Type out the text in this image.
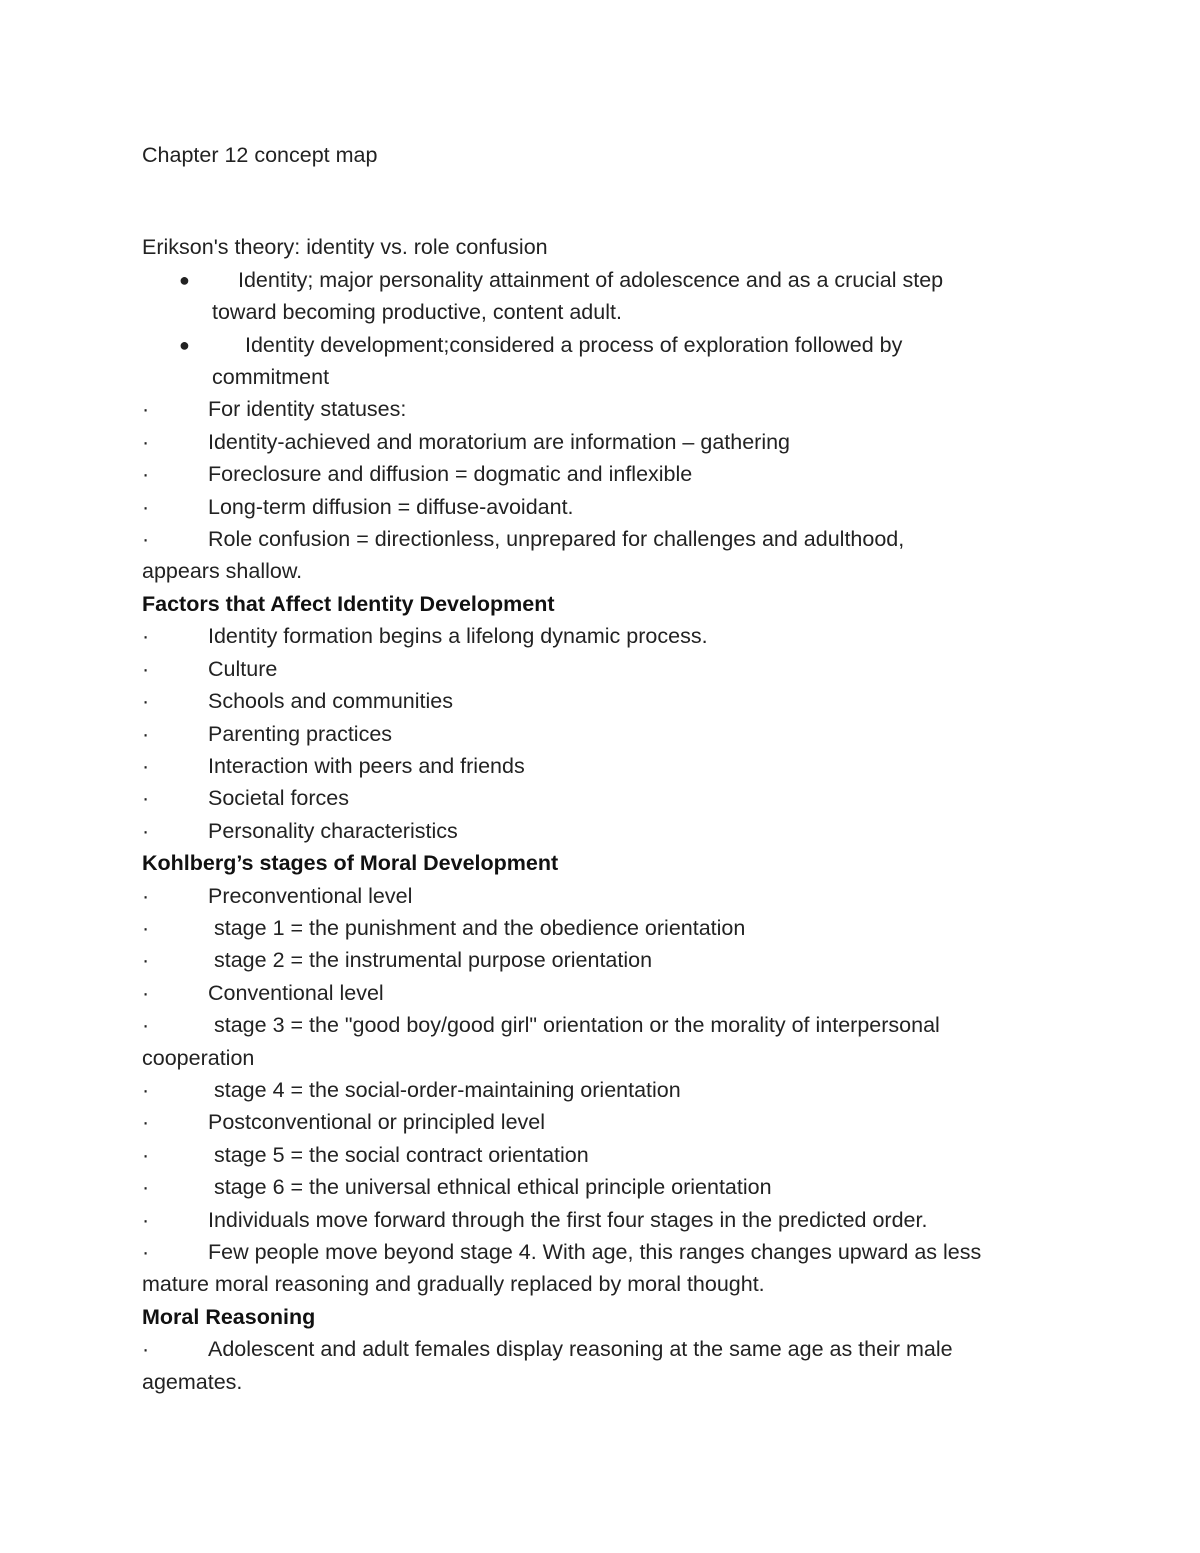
Chapter 12 concept map
Erikson's theory: identity vs. role confusion
●	Identity; major personality attainment of adolescence and as a crucial step
toward becoming productive, content adult.
●	Identity development;considered a process of exploration followed by
commitment
·	For identity statuses:
·	Identity-achieved and moratorium are information – gathering
·	Foreclosure and diffusion = dogmatic and inflexible
·	Long-term diffusion = diffuse-avoidant.
·	Role confusion = directionless, unprepared for challenges and adulthood,
appears shallow.
Factors that Affect Identity Development
·	Identity formation begins a lifelong dynamic process.
·	Culture
·	Schools and communities
·	Parenting practices
·	Interaction with peers and friends
·	Societal forces
·	Personality characteristics
Kohlberg’s stages of Moral Development
·	Preconventional level
·	stage 1 = the punishment and the obedience orientation
·	stage 2 = the instrumental purpose orientation
·	Conventional level
·	stage 3 = the "good boy/good girl" orientation or the morality of interpersonal
cooperation
·	stage 4 = the social-order-maintaining orientation
·	Postconventional or principled level
·	stage 5 = the social contract orientation
·	stage 6 = the universal ethnical ethical principle orientation
·	Individuals move forward through the first four stages in the predicted order.
·	Few people move beyond stage 4. With age, this ranges changes upward as less
mature moral reasoning and gradually replaced by moral thought.
Moral Reasoning
·	Adolescent and adult females display reasoning at the same age as their male
agemates.
